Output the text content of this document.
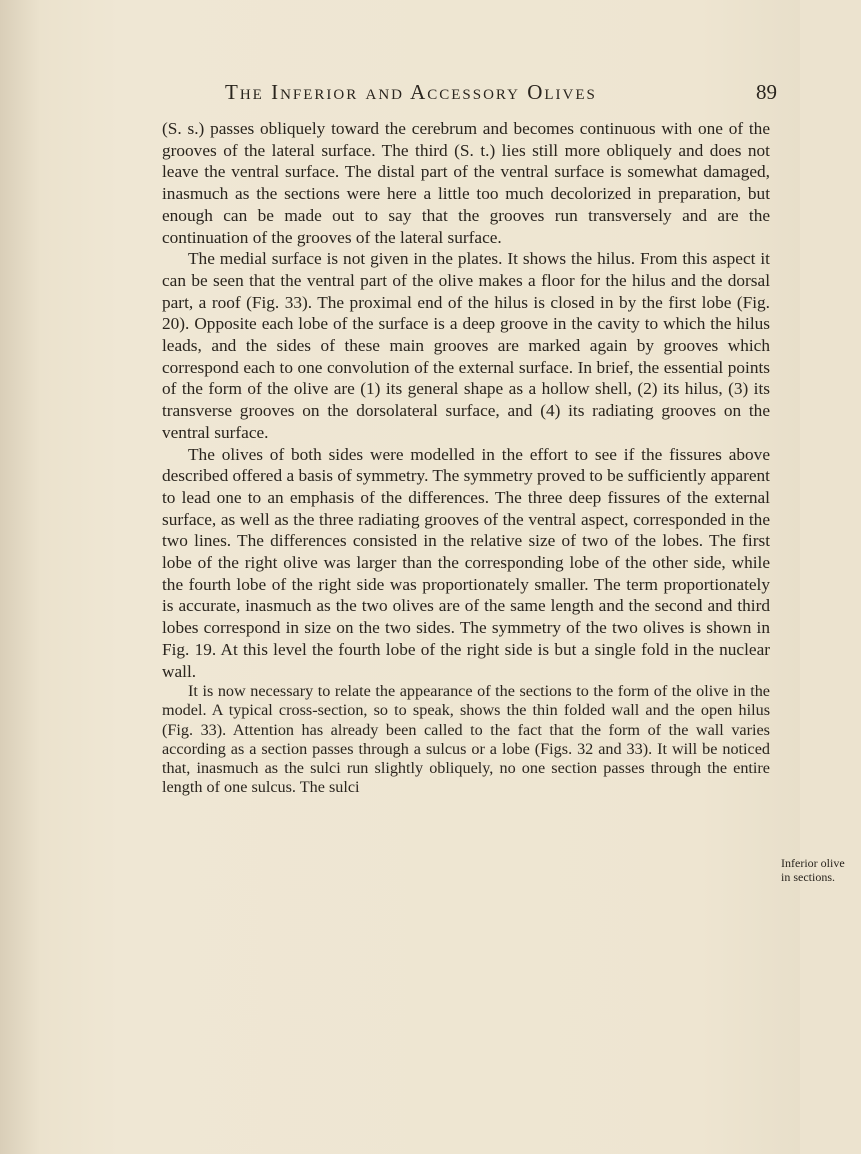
The Inferior and Accessory Olives	89

(S. s.) passes obliquely toward the cerebrum and becomes continuous with one of the grooves of the lateral surface. The third (S. t.) lies still more obliquely and does not leave the ventral surface. The distal part of the ventral surface is somewhat damaged, inasmuch as the sections were here a little too much decolorized in preparation, but enough can be made out to say that the grooves run transversely and are the continuation of the grooves of the lateral surface.

The medial surface is not given in the plates. It shows the hilus. From this aspect it can be seen that the ventral part of the olive makes a floor for the hilus and the dorsal part, a roof (Fig. 33). The proximal end of the hilus is closed in by the first lobe (Fig. 20). Opposite each lobe of the surface is a deep groove in the cavity to which the hilus leads, and the sides of these main grooves are marked again by grooves which correspond each to one convolution of the external surface. In brief, the essential points of the form of the olive are (1) its general shape as a hollow shell, (2) its hilus, (3) its transverse grooves on the dorsolateral surface, and (4) its radiating grooves on the ventral surface.

The olives of both sides were modelled in the effort to see if the fissures above described offered a basis of symmetry. The symmetry proved to be sufficiently apparent to lead one to an emphasis of the differences. The three deep fissures of the external surface, as well as the three radiating grooves of the ventral aspect, corresponded in the two lines. The differences consisted in the relative size of two of the lobes. The first lobe of the right olive was larger than the corresponding lobe of the other side, while the fourth lobe of the right side was proportionately smaller. The term proportionately is accurate, inasmuch as the two olives are of the same length and the second and third lobes correspond in size on the two sides. The symmetry of the two olives is shown in Fig. 19. At this level the fourth lobe of the right side is but a single fold in the nuclear wall.

It is now necessary to relate the appearance of the sections to the form of the olive in the model. A typical cross-section, so to speak, shows the thin folded wall and the open hilus (Fig. 33). Attention has already been called to the fact that the form of the wall varies according as a section passes through a sulcus or a lobe (Figs. 32 and 33). It will be noticed that, inasmuch as the sulci run slightly obliquely, no one section passes through the entire length of one sulcus. The sulci

Inferior olive
in sections.
